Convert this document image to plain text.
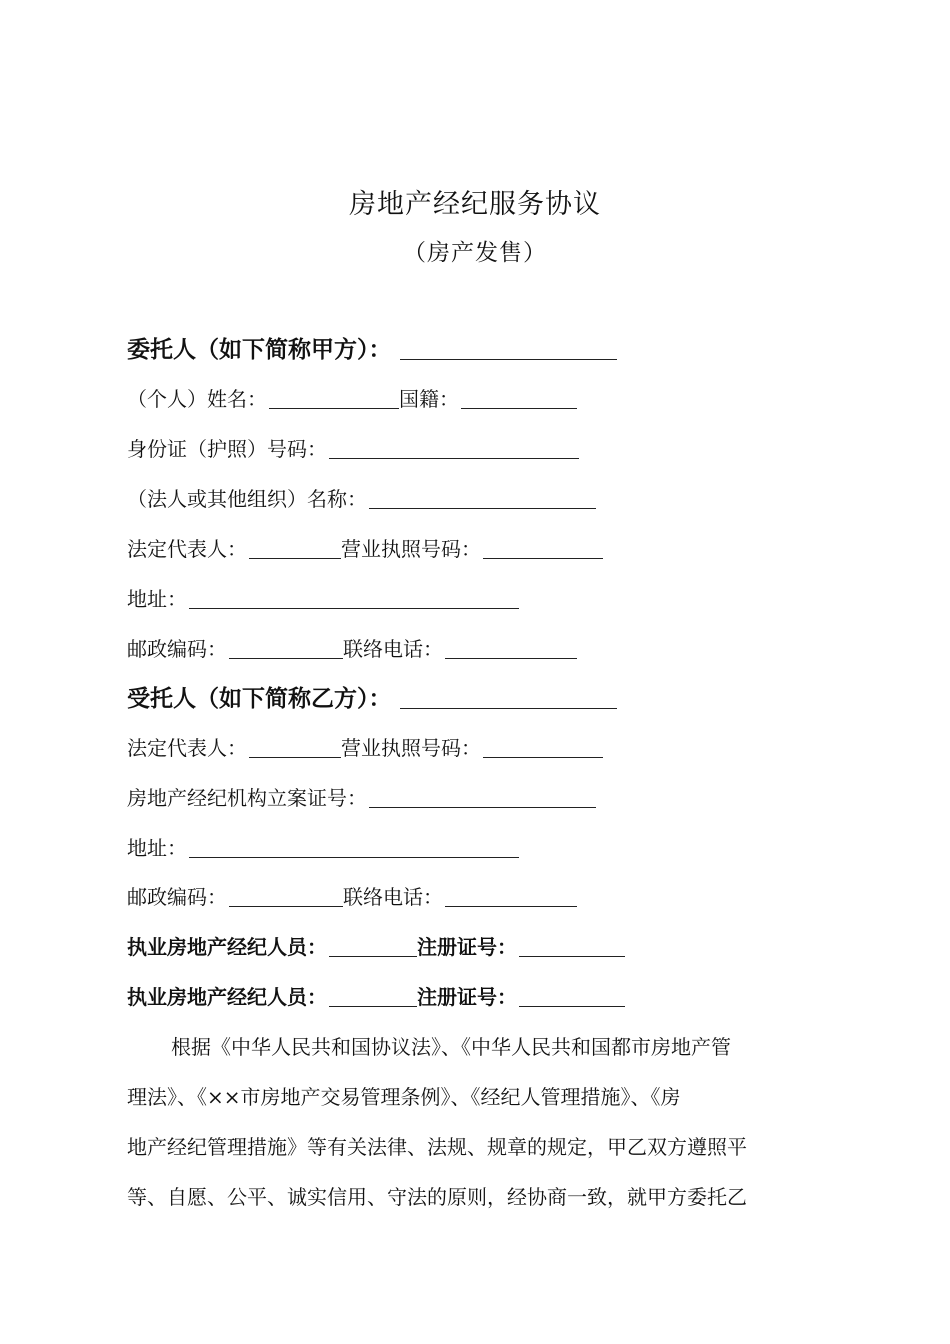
房地产经纪服务协议
（房产发售）
委托人（如下简称甲方）：
（个人）姓名：	国籍：
身份证（护照）号码：
（法人或其他组织）名称：
法定代表人：	营业执照号码：
地址：
邮政编码：	联络电话：
受托人（如下简称乙方）：
法定代表人：	营业执照号码：
房地产经纪机构立案证号：
地址：
邮政编码：	联络电话：
执业房地产经纪人员：	注册证号：
执业房地产经纪人员：	注册证号：
根据《中华人民共和国协议法》、《中华人民共和国都市房地产管
理法》、《××市房地产交易管理条例》、《经纪人管理措施》、《房
地产经纪管理措施》等有关法律、法规、规章的规定，甲乙双方遵照平
等、自愿、公平、诚实信用、守法的原则，经协商一致，就甲方委托乙
